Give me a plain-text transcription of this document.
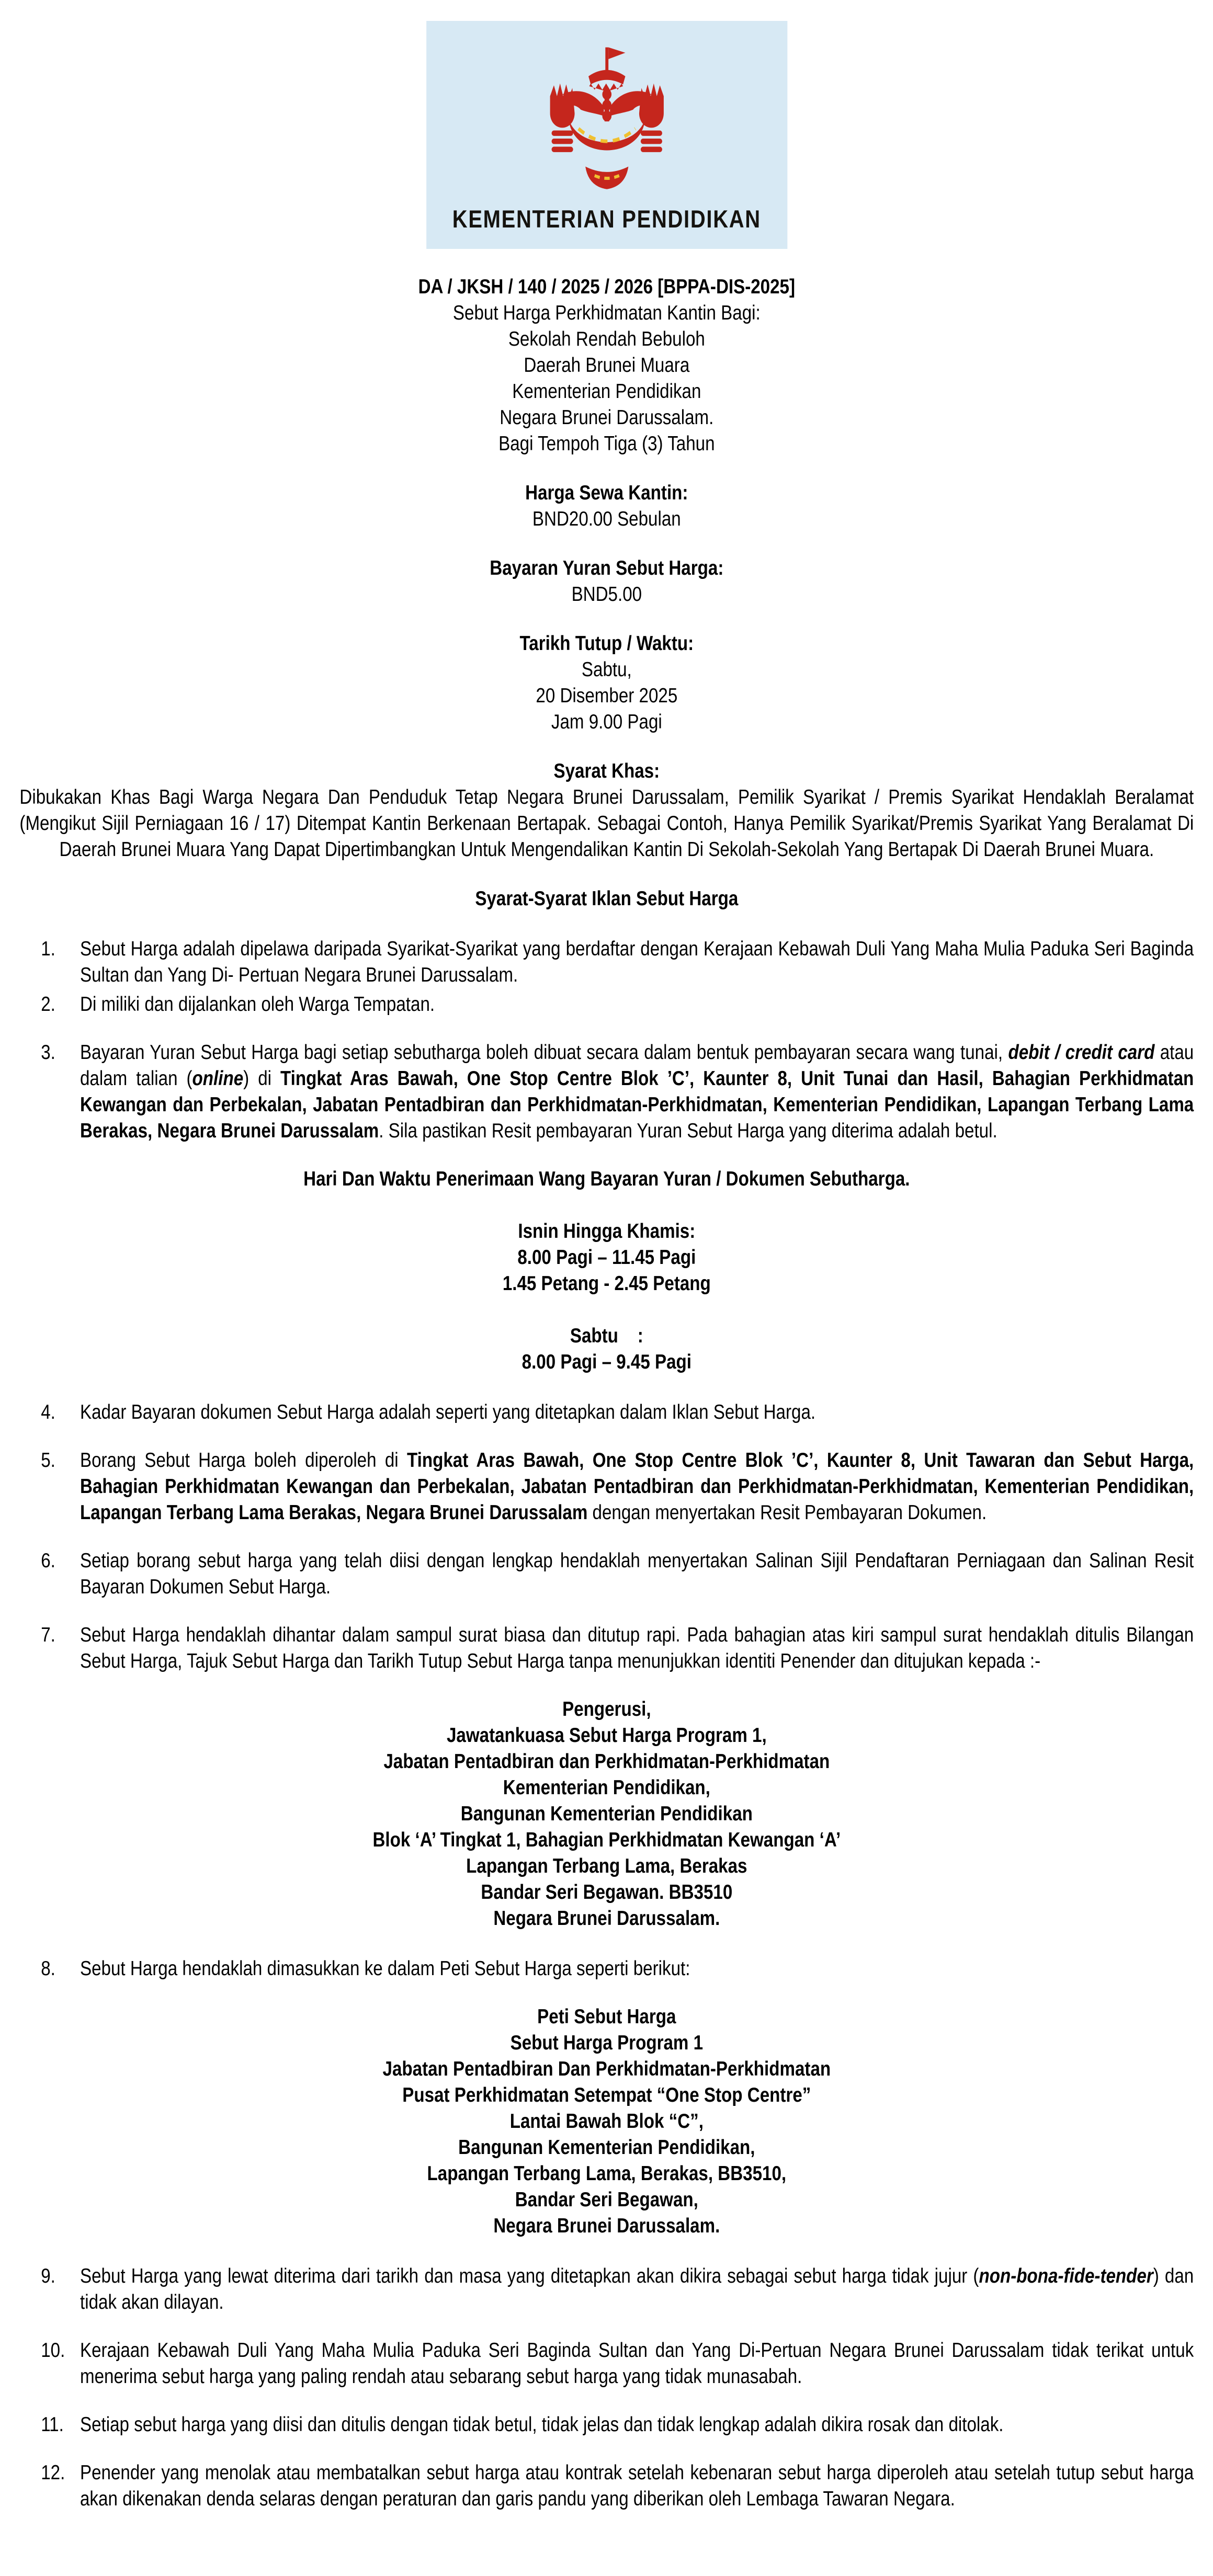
KEMENTERIAN PENDIDIKAN

DA / JKSH / 140 / 2025 / 2026 [BPPA-DIS-2025]

Sebut Harga Perkhidmatan Kantin Bagi:

Sekolah Rendah Bebuloh

Daerah Brunei Muara

Kementerian Pendidikan

Negara Brunei Darussalam.

Bagi Tempoh Tiga (3) Tahun

Harga Sewa Kantin:

BND20.00 Sebulan

Bayaran Yuran Sebut Harga:

BND5.00

Tarikh Tutup / Waktu:

Sabtu,

20 Disember 2025

Jam 9.00 Pagi

Syarat Khas:

Dibukakan Khas Bagi Warga Negara Dan Penduduk Tetap Negara Brunei Darussalam, Pemilik Syarikat / Premis Syarikat Hendaklah Beralamat (Mengikut Sijil Perniagaan 16 / 17) Ditempat Kantin Berkenaan Bertapak. Sebagai Contoh, Hanya Pemilik Syarikat/Premis Syarikat Yang Beralamat Di Daerah Brunei Muara Yang Dapat Dipertimbangkan Untuk Mengendalikan Kantin Di Sekolah-Sekolah Yang Bertapak Di Daerah Brunei Muara.

Syarat-Syarat Iklan Sebut Harga

1.	Sebut Harga adalah dipelawa daripada Syarikat-Syarikat yang berdaftar dengan Kerajaan Kebawah Duli Yang Maha Mulia Paduka Seri Baginda Sultan dan Yang Di- Pertuan Negara Brunei Darussalam.
2.	Di miliki dan dijalankan oleh Warga Tempatan.
3.	Bayaran Yuran Sebut Harga bagi setiap sebutharga boleh dibuat secara dalam bentuk pembayaran secara wang tunai, debit / credit card atau dalam talian (online) di Tingkat Aras Bawah, One Stop Centre Blok ’C’, Kaunter 8, Unit Tunai dan Hasil, Bahagian Perkhidmatan Kewangan dan Perbekalan, Jabatan Pentadbiran dan Perkhidmatan-Perkhidmatan, Kementerian Pendidikan, Lapangan Terbang Lama Berakas, Negara Brunei Darussalam. Sila pastikan Resit pembayaran Yuran Sebut Harga yang diterima adalah betul.

Hari Dan Waktu Penerimaan Wang Bayaran Yuran / Dokumen Sebutharga.

Isnin Hingga Khamis:

8.00 Pagi – 11.45 Pagi

1.45 Petang - 2.45 Petang

Sabtu    :

8.00 Pagi – 9.45 Pagi

4.	Kadar Bayaran dokumen Sebut Harga adalah seperti yang ditetapkan dalam Iklan Sebut Harga.
5.	Borang Sebut Harga boleh diperoleh di Tingkat Aras Bawah, One Stop Centre Blok ’C’, Kaunter 8, Unit Tawaran dan Sebut Harga, Bahagian Perkhidmatan Kewangan dan Perbekalan, Jabatan Pentadbiran dan Perkhidmatan-Perkhidmatan, Kementerian Pendidikan, Lapangan Terbang Lama Berakas, Negara Brunei Darussalam dengan menyertakan Resit Pembayaran Dokumen.
6.	Setiap borang sebut harga yang telah diisi dengan lengkap hendaklah menyertakan Salinan Sijil Pendaftaran Perniagaan dan Salinan Resit Bayaran Dokumen Sebut Harga.
7.	Sebut Harga hendaklah dihantar dalam sampul surat biasa dan ditutup rapi. Pada bahagian atas kiri sampul surat hendaklah ditulis Bilangan Sebut Harga, Tajuk Sebut Harga dan Tarikh Tutup Sebut Harga tanpa menunjukkan identiti Penender dan ditujukan kepada :-

Pengerusi,

Jawatankuasa Sebut Harga Program 1,

Jabatan Pentadbiran dan Perkhidmatan-Perkhidmatan

Kementerian Pendidikan,

Bangunan Kementerian Pendidikan

Blok ‘A’ Tingkat 1, Bahagian Perkhidmatan Kewangan ‘A’

Lapangan Terbang Lama, Berakas

Bandar Seri Begawan. BB3510

Negara Brunei Darussalam.

8.	Sebut Harga hendaklah dimasukkan ke dalam Peti Sebut Harga seperti berikut:

Peti Sebut Harga

Sebut Harga Program 1

Jabatan Pentadbiran Dan Perkhidmatan-Perkhidmatan

Pusat Perkhidmatan Setempat “One Stop Centre”

Lantai Bawah Blok “C”,

Bangunan Kementerian Pendidikan,

Lapangan Terbang Lama, Berakas, BB3510,

Bandar Seri Begawan,

Negara Brunei Darussalam.

9.	Sebut Harga yang lewat diterima dari tarikh dan masa yang ditetapkan akan dikira sebagai sebut harga tidak jujur (non-bona-fide-tender) dan tidak akan dilayan.
10. Kerajaan Kebawah Duli Yang Maha Mulia Paduka Seri Baginda Sultan dan Yang Di-Pertuan Negara Brunei Darussalam tidak terikat untuk menerima sebut harga yang paling rendah atau sebarang sebut harga yang tidak munasabah.
11. Setiap sebut harga yang diisi dan ditulis dengan tidak betul, tidak jelas dan tidak lengkap adalah dikira rosak dan ditolak.
12. Penender yang menolak atau membatalkan sebut harga atau kontrak setelah kebenaran sebut harga diperoleh atau setelah tutup sebut harga akan dikenakan denda selaras dengan peraturan dan garis pandu yang diberikan oleh Lembaga Tawaran Negara.
